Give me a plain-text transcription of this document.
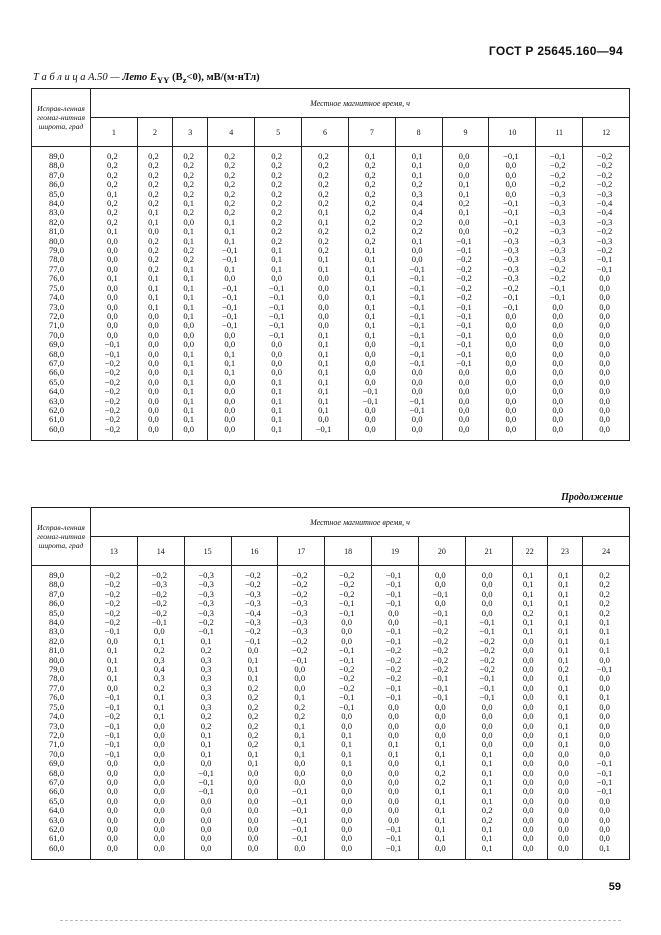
ГОСТ Р 25645.160—94
Т а б л и ц а А.50 — Лето $E_{YY}$ $(B_z<0)$, мВ/(м·нТл)
Исправ-ленная геомаг-нитная широта, град	Местное магнитное время, ч											
	1	2	3	4	5	6	7	8	9	10	11	12
89,0	0,2	0,2	0,2	0,2	0,2	0,2	0,1	0,1	0,0	−0,1	−0,1	−0,2
88,0	0,2	0,2	0,2	0,2	0,2	0,2	0,2	0,1	0,0	0,0	−0,2	−0,2
87,0	0,2	0,2	0,2	0,2	0,2	0,2	0,2	0,1	0,0	0,0	−0,2	−0,2
86,0	0,2	0,2	0,2	0,2	0,2	0,2	0,2	0,2	0,1	0,0	−0,2	−0,2
85,0	0,1	0,2	0,2	0,2	0,2	0,2	0,2	0,3	0,1	0,0	−0,3	−0,3
84,0	0,2	0,2	0,1	0,2	0,2	0,2	0,2	0,4	0,2	−0,1	−0,3	−0,4
83,0	0,2	0,1	0,2	0,2	0,2	0,1	0,2	0,4	0,1	−0,1	−0,3	−0,4
82,0	0,2	0,1	0,0	0,1	0,2	0,1	0,2	0,2	0,0	−0,1	−0,3	−0,3
81,0	0,1	0,0	0,1	0,1	0,2	0,2	0,2	0,2	0,0	−0,2	−0,3	−0,2
80,0	0,0	0,2	0,1	0,1	0,2	0,2	0,2	0,1	−0,1	−0,3	−0,3	−0,3
79,0	0,0	0,2	0,2	−0,1	0,1	0,2	0,1	0,0	−0,1	−0,3	−0,3	−0,2
78,0	0,0	0,2	0,2	−0,1	0,1	0,1	0,1	0,0	−0,2	−0,3	−0,3	−0,1
77,0	0,0	0,2	0,1	0,1	0,1	0,1	0,1	−0,1	−0,2	−0,3	−0,2	−0,1
76,0	0,1	0,1	0,1	0,0	0,0	0,0	0,1	−0,1	−0,2	−0,3	−0,2	0,0
75,0	0,0	0,1	0,1	−0,1	−0,1	0,0	0,1	−0,1	−0,2	−0,2	−0,1	0,0
74,0	0,0	0,1	0,1	−0,1	−0,1	0,0	0,1	−0,1	−0,2	−0,1	−0,1	0,0
73,0	0,0	0,1	0,1	−0,1	−0,1	0,0	0,1	−0,1	−0,1	−0,1	0,0	0,0
72,0	0,0	0,0	0,1	−0,1	−0,1	0,0	0,1	−0,1	−0,1	0,0	0,0	0,0
71,0	0,0	0,0	0,0	−0,1	−0,1	0,0	0,1	−0,1	−0,1	0,0	0,0	0,0
70,0	0,0	0,0	0,0	0,0	−0,1	0,1	0,1	−0,1	−0,1	0,0	0,0	0,0
69,0	−0,1	0,0	0,0	0,0	0,0	0,1	0,0	−0,1	−0,1	0,0	0,0	0,0
68,0	−0,1	0,0	0,1	0,1	0,0	0,1	0,0	−0,1	−0,1	0,0	0,0	0,0
67,0	−0,2	0,0	0,1	0,1	0,0	0,1	0,0	−0,1	−0,1	0,0	0,0	0,0
66,0	−0,2	0,0	0,1	0,1	0,0	0,1	0,0	0,0	0,0	0,0	0,0	0,0
65,0	−0,2	0,0	0,1	0,0	0,1	0,1	0,0	0,0	0,0	0,0	0,0	0,0
64,0	−0,2	0,0	0,1	0,0	0,1	0,1	−0,1	0,0	0,0	0,0	0,0	0,0
63,0	−0,2	0,0	0,1	0,0	0,1	0,1	−0,1	−0,1	0,0	0,0	0,0	0,0
62,0	−0,2	0,0	0,1	0,0	0,1	0,1	0,0	−0,1	0,0	0,0	0,0	0,0
61,0	−0,2	0,0	0,1	0,0	0,1	0,0	0,0	0,0	0,0	0,0	0,0	0,0
60,0	−0,2	0,0	0,0	0,0	0,1	−0,1	0,0	0,0	0,0	0,0	0,0	0,0
Продолжение
Исправ-ленная геомаг-нитная широта, град	Местное магнитное время, ч											
	13	14	15	16	17	18	19	20	21	22	23	24
89,0	−0,2	−0,2	−0,3	−0,2	−0,2	−0,2	−0,1	0,0	0,0	0,1	0,1	0,2
88,0	−0,2	−0,3	−0,3	−0,2	−0,2	−0,2	−0,1	0,0	0,0	0,1	0,1	0,2
87,0	−0,2	−0,2	−0,3	−0,3	−0,2	−0,2	−0,1	−0,1	0,0	0,1	0,1	0,2
86,0	−0,2	−0,2	−0,3	−0,3	−0,3	−0,1	−0,1	0,0	0,0	0,1	0,1	0,2
85,0	−0,2	−0,2	−0,3	−0,4	−0,3	−0,1	0,0	−0,1	0,0	0,2	0,1	0,2
84,0	−0,2	−0,1	−0,2	−0,3	−0,3	0,0	0,0	−0,1	−0,1	0,1	0,1	0,1
83,0	−0,1	0,0	−0,1	−0,2	−0,3	0,0	−0,1	−0,2	−0,1	0,1	0,1	0,1
82,0	0,0	0,1	0,1	−0,1	−0,2	0,0	−0,1	−0,2	−0,2	0,0	0,1	0,1
81,0	0,1	0,2	0,2	0,0	−0,2	−0,1	−0,2	−0,2	−0,2	0,0	0,1	0,1
80,0	0,1	0,3	0,3	0,1	−0,1	−0,1	−0,2	−0,2	−0,2	0,0	0,1	0,0
79,0	0,1	0,4	0,3	0,1	0,0	−0,2	−0,2	−0,2	−0,2	0,0	0,2	−0,1
78,0	0,1	0,3	0,3	0,1	0,0	−0,2	−0,2	−0,1	−0,1	0,0	0,1	0,0
77,0	0,0	0,2	0,3	0,2	0,0	−0,2	−0,1	−0,1	−0,1	0,0	0,1	0,0
76,0	−0,1	0,1	0,3	0,2	0,1	−0,1	−0,1	−0,1	−0,1	0,0	0,1	0,1
75,0	−0,1	0,1	0,3	0,2	0,2	−0,1	0,0	0,0	0,0	0,0	0,1	0,0
74,0	−0,2	0,1	0,2	0,2	0,2	0,0	0,0	0,0	0,0	0,0	0,1	0,0
73,0	−0,1	0,0	0,2	0,2	0,1	0,0	0,0	0,0	0,0	0,0	0,1	0,0
72,0	−0,1	0,0	0,1	0,2	0,1	0,1	0,0	0,0	0,0	0,0	0,1	0,0
71,0	−0,1	0,0	0,1	0,2	0,1	0,1	0,1	0,1	0,0	0,0	0,1	0,0
70,0	−0,1	0,0	0,1	0,1	0,1	0,1	0,1	0,1	0,1	0,0	0,0	0,0
69,0	0,0	0,0	0,0	0,1	0,0	0,1	0,0	0,1	0,1	0,0	0,0	−0,1
68,0	0,0	0,0	−0,1	0,0	0,0	0,0	0,0	0,2	0,1	0,0	0,0	−0,1
67,0	0,0	0,0	−0,1	0,0	0,0	0,0	0,0	0,2	0,1	0,0	0,0	−0,1
66,0	0,0	0,0	−0,1	0,0	−0,1	0,0	0,0	0,1	0,1	0,0	0,0	−0,1
65,0	0,0	0,0	0,0	0,0	−0,1	0,0	0,0	0,1	0,1	0,0	0,0	0,0
64,0	0,0	0,0	0,0	0,0	−0,1	0,0	0,0	0,1	0,2	0,0	0,0	0,0
63,0	0,0	0,0	0,0	0,0	−0,1	0,0	0,0	0,1	0,2	0,0	0,0	0,0
62,0	0,0	0,0	0,0	0,0	−0,1	0,0	−0,1	0,1	0,1	0,0	0,0	0,0
61,0	0,0	0,0	0,0	0,0	−0,1	0,0	−0,1	0,1	0,1	0,0	0,0	0,0
60,0	0,0	0,0	0,0	0,0	0,0	0,0	−0,1	0,0	0,1	0,0	0,0	0,1
59
